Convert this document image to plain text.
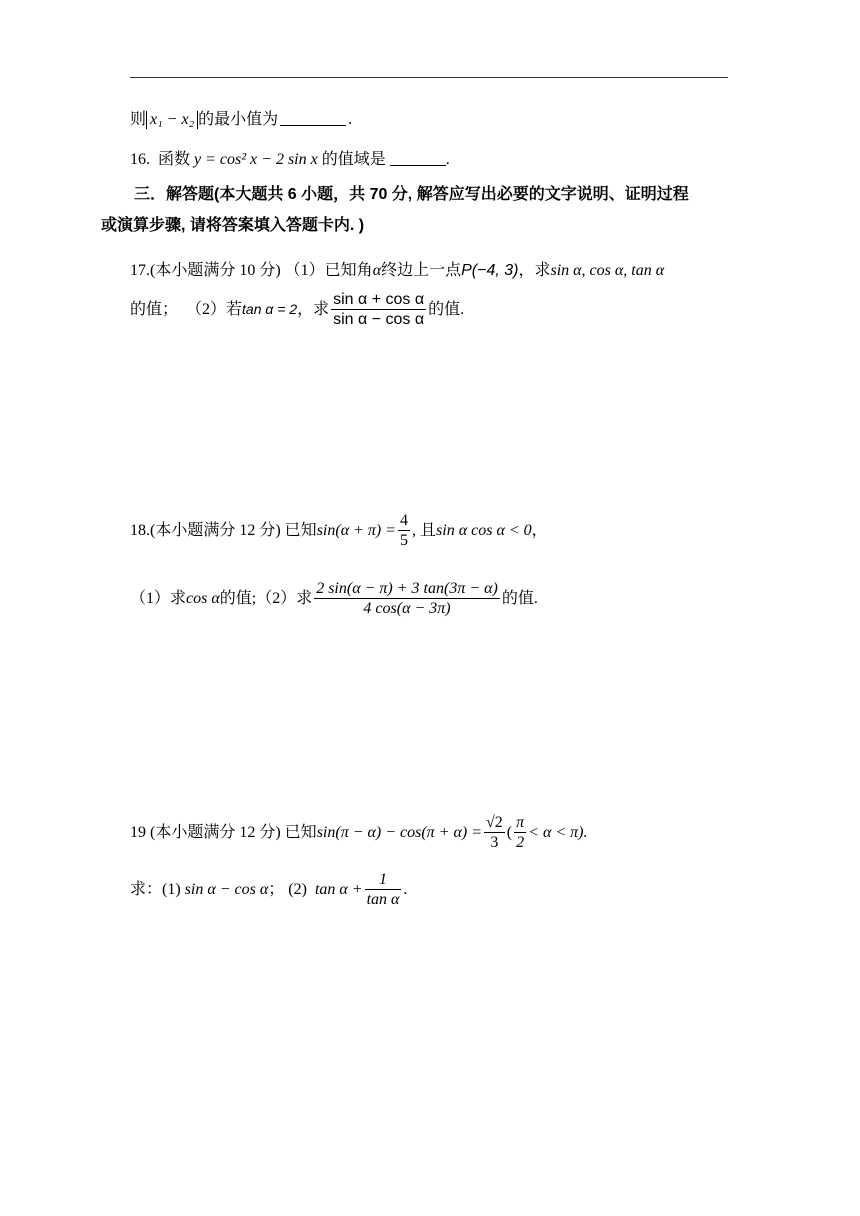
则 x₁ − x₂ 的最小值为	.
16. 函数 y = cos² x − 2 sin x 的值域是	.
三．解答题(本大题共 6 小题，共 70 分, 解答应写出必要的文字说明、证明过程
或演算步骤, 请将答案填入答题卡内. )
17.(本小题满分 10 分) （1）已知角α终边上一点P(−4, 3)，求sin α, cos α, tan α
的值； （2）若tan α = 2，求 $\frac{\text{sin α + cos α}}{\text{sin α − cos α}}$ 的值.
18.(本小题满分 12 分) 已知$\sin(\alpha + \pi) = \frac{4}{5}$ , 且sin α cos α < 0，
（1）求cos α的值;（2）求 $\frac{2 \sin(\alpha - \pi) + 3 \tan(3\pi - \alpha)}{4 \cos(\alpha - 3\pi)}$ 的值.
19 (本小题满分 12 分) 已知$\sin(\pi - \alpha) - \cos(\pi + \alpha) = \frac{√2}{3}$ ( $\frac{\pi}{2} < \alpha < \pi$).
求：(1) sin α − cos α； (2) $\tan \alpha + \frac{1}{\text{tan α}}$ .
